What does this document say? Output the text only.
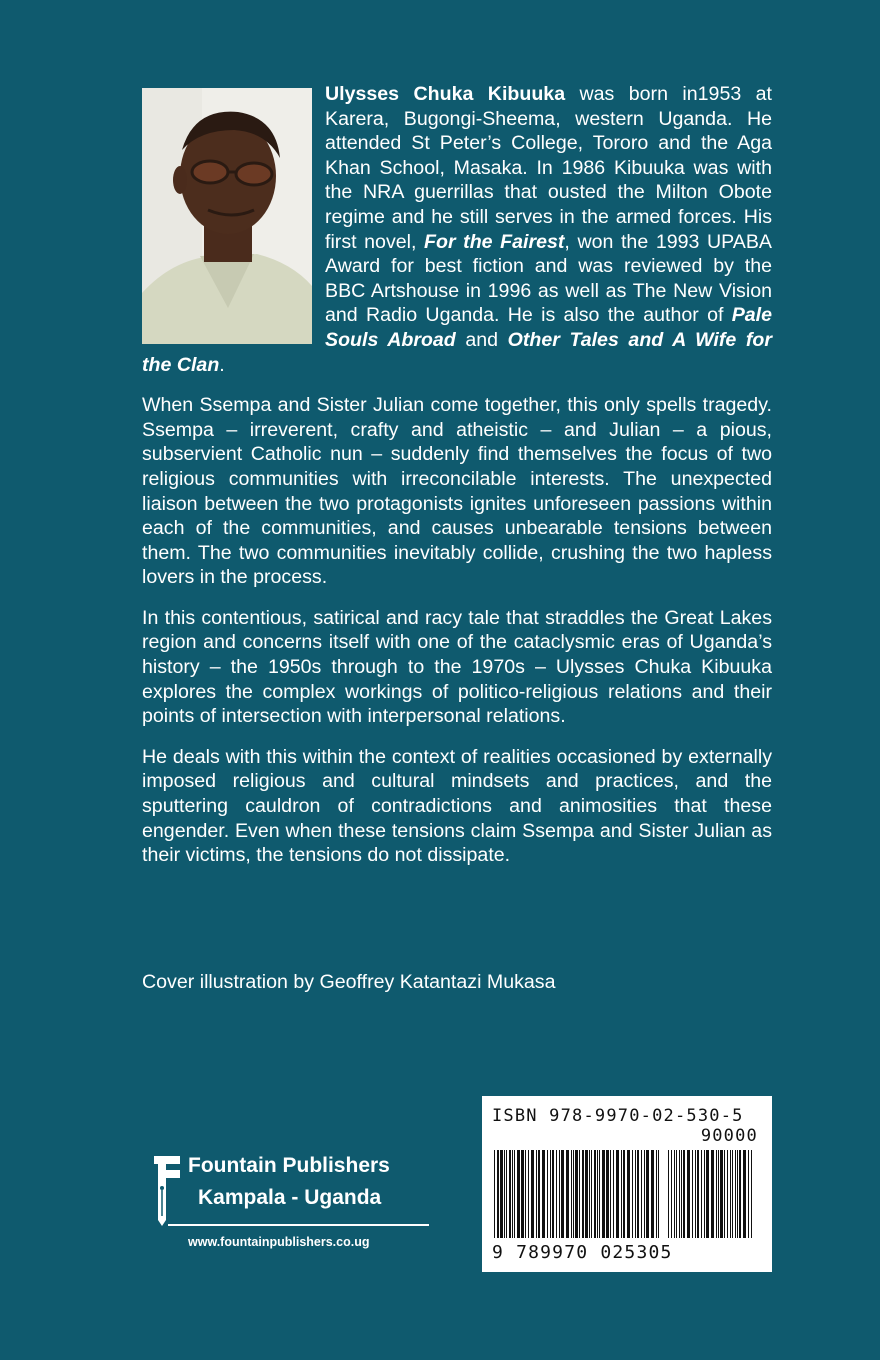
Ulysses Chuka Kibuuka was born in1953 at Karera, Bugongi-Sheema, western Uganda. He attended St Peter’s College, Tororo and the Aga Khan School, Masaka. In 1986 Kibuuka was with the NRA guerrillas that ousted the Milton Obote regime and he still serves in the armed forces. His first novel, For the Fairest, won the 1993 UPABA Award for best fiction and was reviewed by the BBC Artshouse in 1996 as well as The New Vision and Radio Uganda. He is also the author of Pale Souls Abroad and Other Tales and A Wife for the Clan.

When Ssempa and Sister Julian come together, this only spells tragedy. Ssempa – irreverent, crafty and atheistic – and Julian – a pious, subservient Catholic nun – suddenly find themselves the focus of two religious communities with irreconcilable interests. The unexpected liaison between the two protagonists ignites unforeseen passions within each of the communities, and causes unbearable tensions between them. The two communities inevitably collide, crushing the two hapless lovers in the process.

In this contentious, satirical and racy tale that straddles the Great Lakes region and concerns itself with one of the cataclysmic eras of Uganda’s history – the 1950s through to the 1970s – Ulysses Chuka Kibuuka explores the complex workings of politico-religious relations and their points of intersection with interpersonal relations.

He deals with this within the context of realities occasioned by externally imposed religious and cultural mindsets and practices, and the sputtering cauldron of contradictions and animosities that these engender. Even when these tensions claim Ssempa and Sister Julian as their victims, the tensions do not dissipate.

Cover illustration by Geoffrey Katantazi Mukasa
Fountain Publishers
Kampala - Uganda
www.fountainpublishers.co.ug
ISBN 978-9970-02-530-5
90000
9 789970 025305
